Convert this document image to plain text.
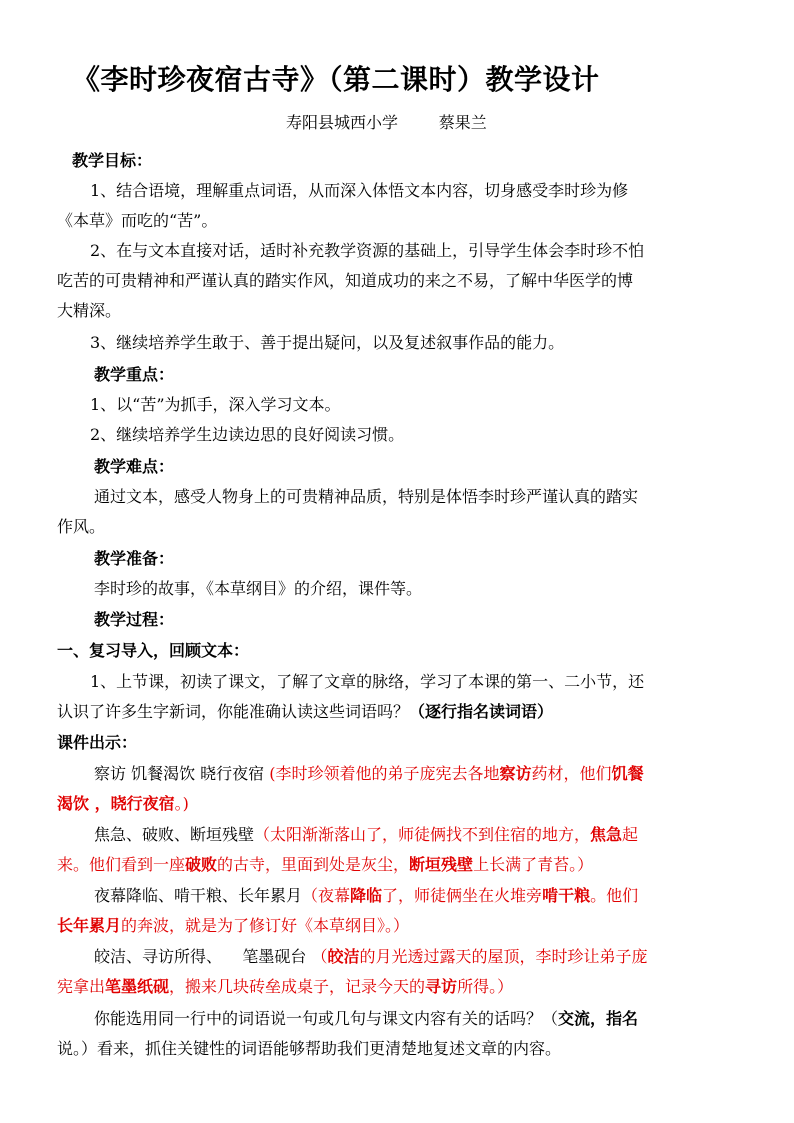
《李时珍夜宿古寺》（第二课时）教学设计
寿阳县城西小学        蔡果兰
教学目标：
1、结合语境，理解重点词语，从而深入体悟文本内容，切身感受李时珍为修
《本草》而吃的“苦”。
2、在与文本直接对话，适时补充教学资源的基础上，引导学生体会李时珍不怕
吃苦的可贵精神和严谨认真的踏实作风，知道成功的来之不易，了解中华医学的博
大精深。
3、继续培养学生敢于、善于提出疑问，以及复述叙事作品的能力。
教学重点：
1、以“苦”为抓手，深入学习文本。
2、继续培养学生边读边思的良好阅读习惯。
教学难点：
通过文本，感受人物身上的可贵精神品质，特别是体悟李时珍严谨认真的踏实
作风。
教学准备：
李时珍的故事，《本草纲目》的介绍，课件等。
教学过程：
一、复习导入，回顾文本：
1、上节课，初读了课文，了解了文章的脉络，学习了本课的第一、二小节，还
认识了许多生字新词，你能准确认读这些词语吗？（逐行指名读词语）
课件出示：
察访 饥餐渴饮 晓行夜宿 (李时珍领着他的弟子庞宪去各地察访药材，他们饥餐
渴饮 ，晓行夜宿。)
焦急、破败、断垣残壁（太阳渐渐落山了，师徒俩找不到住宿的地方，焦急起
来。他们看到一座破败的古寺，里面到处是灰尘，断垣残壁上长满了青苔。）
夜幕降临、啃干粮、长年累月（夜幕降临了，师徒俩坐在火堆旁啃干粮。他们
长年累月的奔波，就是为了修订好《本草纲目》。）
皎洁、寻访所得、    笔墨砚台 （皎洁的月光透过露天的屋顶，李时珍让弟子庞
宪拿出笔墨纸砚，搬来几块砖垒成桌子，记录今天的寻访所得。）
你能选用同一行中的词语说一句或几句与课文内容有关的话吗？（交流，指名
说。）看来，抓住关键性的词语能够帮助我们更清楚地复述文章的内容。
